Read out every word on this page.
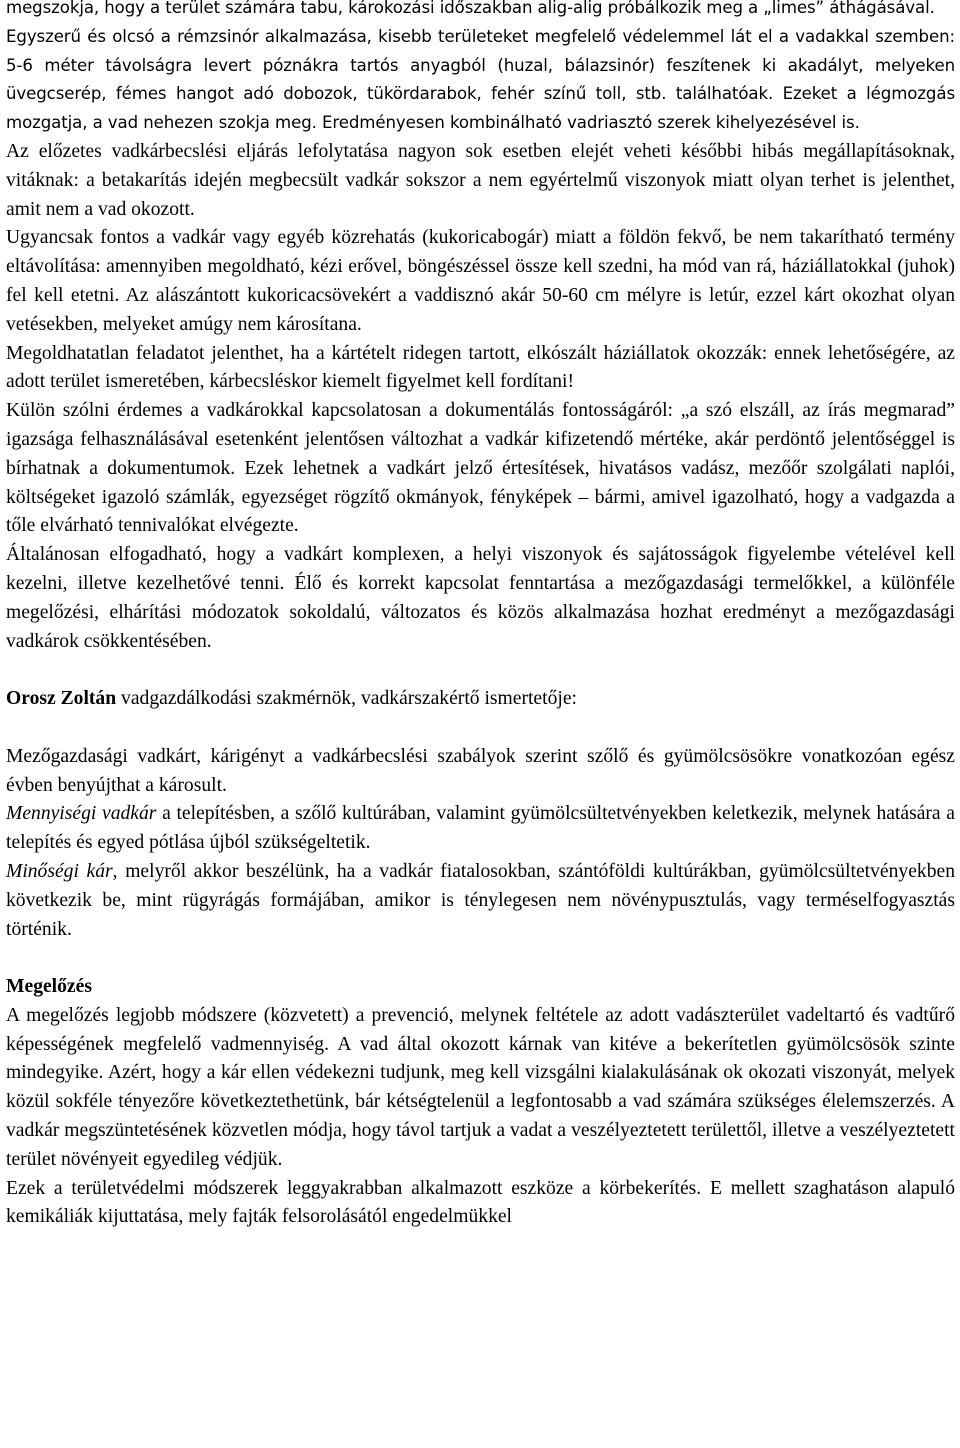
megszokja, hogy a terület számára tabu, károkozási időszakban alig-alig próbálkozik meg a „limes” áthágásával.

Egyszerű és olcsó a rémzsinór alkalmazása, kisebb területeket megfelelő védelemmel lát el a vadakkal szemben: 5-6 méter távolságra levert póznákra tartós anyagból (huzal, bálazsinór) feszítenek ki akadályt, melyeken üvegcserép, fémes hangot adó dobozok, tükördarabok, fehér színű toll, stb. találhatóak. Ezeket a légmozgás mozgatja, a vad nehezen szokja meg. Eredményesen kombinálható vadriasztó szerek kihelyezésével is.

Az előzetes vadkárbecslési eljárás lefolytatása nagyon sok esetben elejét veheti későbbi hibás megállapításoknak, vitáknak: a betakarítás idején megbecsült vadkár sokszor a nem egyértelmű viszonyok miatt olyan terhet is jelenthet, amit nem a vad okozott.

Ugyancsak fontos a vadkár vagy egyéb közrehatás (kukoricabogár) miatt a földön fekvő, be nem takarítható termény eltávolítása: amennyiben megoldható, kézi erővel, böngészéssel össze kell szedni, ha mód van rá, háziállatokkal (juhok) fel kell etetni. Az alászántott kukoricacsövekért a vaddisznó akár 50-60 cm mélyre is letúr, ezzel kárt okozhat olyan vetésekben, melyeket amúgy nem károsítana.

Megoldhatatlan feladatot jelenthet, ha a kártételt ridegen tartott, elkószált háziállatok okozzák: ennek lehetőségére, az adott terület ismeretében, kárbecsléskor kiemelt figyelmet kell fordítani!

Külön szólni érdemes a vadkárokkal kapcsolatosan a dokumentálás fontosságáról: „a szó elszáll, az írás megmarad” igazsága felhasználásával esetenként jelentősen változhat a vadkár kifizetendő mértéke, akár perdöntő jelentőséggel is bírhatnak a dokumentumok. Ezek lehetnek a vadkárt jelző értesítések, hivatásos vadász, mezőőr szolgálati naplói, költségeket igazoló számlák, egyezséget rögzítő okmányok, fényképek – bármi, amivel igazolható, hogy a vadgazda a tőle elvárható tennivalókat elvégezte.

Általánosan elfogadható, hogy a vadkárt komplexen, a helyi viszonyok és sajátosságok figyelembe vételével kell kezelni, illetve kezelhetővé tenni. Élő és korrekt kapcsolat fenntartása a mezőgazdasági termelőkkel, a különféle megelőzési, elhárítási módozatok sokoldalú, változatos és közös alkalmazása hozhat eredményt a mezőgazdasági vadkárok csökkentésében.

Orosz Zoltán vadgazdálkodási szakmérnök, vadkárszakértő ismertetője:

Mezőgazdasági vadkárt, kárigényt a vadkárbecslési szabályok szerint szőlő és gyümölcsösökre vonatkozóan egész évben benyújthat a károsult.

Mennyiségi vadkár a telepítésben, a szőlő kultúrában, valamint gyümölcsültetvényekben keletkezik, melynek hatására a telepítés és egyed pótlása újból szükségeltetik.

Minőségi kár, melyről akkor beszélünk, ha a vadkár fiatalosokban, szántóföldi kultúrákban, gyümölcsültetvényekben következik be, mint rügyrágás formájában, amikor is ténylegesen nem növénypusztulás, vagy terméselfogyasztás történik.

Megelőzés

A megelőzés legjobb módszere (közvetett) a prevenció, melynek feltétele az adott vadászterület vadeltartó és vadtűrő képességének megfelelő vadmennyiség. A vad által okozott kárnak van kitéve a bekerítetlen gyümölcsösök szinte mindegyike. Azért, hogy a kár ellen védekezni tudjunk, meg kell vizsgálni kialakulásának ok okozati viszonyát, melyek közül sokféle tényezőre következtethetünk, bár kétségtelenül a legfontosabb a vad számára szükséges élelemszerzés. A vadkár megszüntetésének közvetlen módja, hogy távol tartjuk a vadat a veszélyeztetett területtől, illetve a veszélyeztetett terület növényeit egyedileg védjük.

Ezek a területvédelmi módszerek leggyakrabban alkalmazott eszköze a körbekerítés. E mellett szaghatáson alapuló kemikáliák kijuttatása, mely fajták felsorolásától engedelmükkel
